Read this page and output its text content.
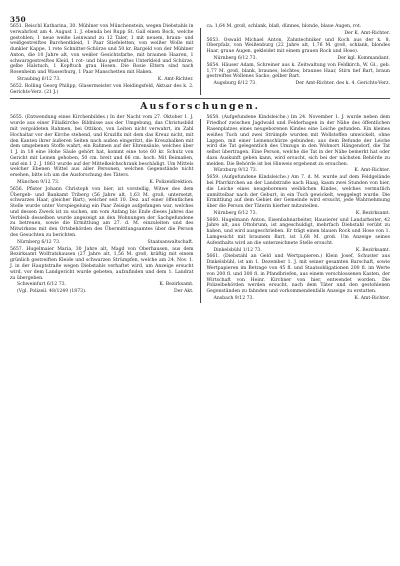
350

5651. Reischl Katharina, 30. Mühlner von Münchenstein, wegen Diebstahls in verwahrlost am 4. August 1. J. ebenda bei Rupp St. Gall einen Bock, welche gestohlen; 1 neue weiße Leinwand zu 12 Taler, 1 mit neuem, braun- und weißgestreiftes Barchentkleid, 1 Paar Stiefeletten, von weißer Wolle mit dunkler Kappe, 1 rote Schnitter-Schürze und 50 kr. Bargeld von der Mühlner Anton, die 10 Jahre alt, von weißer Gesichtsfarbe, mit braunen Haaren, 1 schwarzgestreiftes Kleid, 1 rot- und blau gestreiftes Unterkleid und Schürze, gelbe Halstuch, 1 Kopftuch grau Hosen. Die Rosie Eltern sind nach Rosenheim und Wasserburg, 1 Paar Manschetten mit Haken.

Straubing 6/12 73.	K. Amt-Richter.

5652. Rolling Georg Philipp, Glasermeister von Heidingsfeld, Aktuar des k. 2. Gerichts-Verz. (21 J.)

ca. 1,64 M. groß, schlank, blaß, dünnes, blonde, blaue Augen, rot.

Der K. Amt-Richter.

5653. Oswald Michael Anton, Zahntechniker und Koch aus der k. 8. Oberpfalz, von Weißenburg (22 Jahre alt, 1,76 M. groß, schlank, blondes Haar, graue Augen, gekleidet mit einem grauen Rock und Hose).

Nürnberg 6/12 73.	Der kgl. Kommandant.

5654. Häuser Adam, Schreiner aus k. Zeitwaltung von Feldkirch, W. Gl., geb. 1,77 M. groß, blank, braunes, leichtes, braunes Haar, Stirn tief Bart, braun gestreiftes Wollenes Sacko, gelber Bart.

Augsburg 6/12 73.	Der Amt-Richter. des k. 4. Gerichts-Verz.
Ausforschungen.

5655. (Entwendung eines Kirchenbildes.) In der Nacht vom 27. Oktober 1. J. wurde aus einer Filialkirche: Bildnisse aus der Umgebung, das Christusbild mit vergoldeten Rahmen, bei Ottikon, von Leiten nicht verwahrt, im Zahl Hochaltar vor der Kirche stehend, und Kruzifix mit dem das Kreuz nicht, mit den Kanten ihrer äußeren Seiten nach außen eingeritzt, die Kreuzbalken mit dem umgebenen Stoffe wahrt, ein Rahmen auf der Ehrensäule, welches über 1 J. in 18 eine Hohe Säule gehört hat, kommt eine tote 60 kr. Schutz von Gericht mit Leinen gehoben, 50 cm. breit und 66 cm. hoch. Mit Beimaßen, und ein 1 2. J. 1861 wurde auf der Mittelkelchschrank beschädigt. Um Mittels welcher Ebenen Wittel aus aller Personen, welchen Gegenstände nicht ersehen, bitte ich um die Ausforschung des Täters.

München 9/12 73.	K. Polizeidirektion.

5656. Pfister Johann Christoph von hier, ist vorstellig, Witwe des dem Übergeb- und Bankamt Triberg (56 Jahre alt, 1,63 M. groß, untersetzt, schwarzes Haar, gleicher Bart), welcher seit 10. Dez. auf einer öffentlichen Stelle wurde unter Vorspiegelung ein Paar Zeisige aufgefangen war, welches und dessen Zweck ist zu suchen, um vom Anfang bis Ende dieses Jahres das Verbleib desselben wurde angezeigt an den Wohnungen der Sachgefundene zu betreuen, sowie die Ermittlung am 27. d. M. einzuleiten und des Mitwirkens mit den Ortsbehörden des Übermittlungsamtes über die Person des Gesuchten zu berichten.

Nürnberg 6/12 73.	Staatsanwaltschaft.

5657. Hugelmaier Maria, 30 Jahre alt, Magd von Oberhausen, aus dem Bezirksamt Wolfratshausen (27 Jahre alt, 1,56 M. groß, kräftig mit einem grünlich gestreiften Kleide und schwarzen Strümpfen, welche am 24. Nov. 1. J. in der Hauptstraße wegen Diebstahls verhaftet wird, um Anzeige ersucht wird, vor dem Landgericht wurde gebeten, aufzufinden und dem 1. Landrat zu übergeben.

Schweinfurt 6/12 73.	K. Bezirksamt.
(Vgl. Polizeil. 48/1249 (1873).	Der Akt.

5658. (Aufgefundene Kindsleiche.) Im 24. November 1. J. wurde neben dem Friedhof zwischen Jagdwald und Felderhagen in der Nähe des öffentlichen Rasenplatzes eines neugeborenen Kindes eine Leiche gefunden. Ein kleines weißes Tuch und zwei Strümpfe wurden mit Wollstoffen umwickelt, ohne Lappen, mit einer Leinenschürze gebunden; aus dem Befunde der Leiche wird die Tat gelegentlich des Umzugs in den Wohnort Hängendorf, die Tat selbst übertragen. Eine Person, welche die Tat in der Nähe bemerkt hat oder dazu Auskunft geben kann, wird ersucht, sich bei der nächsten Behörde zu melden. Die Behörde ist bei Hinweis ergebenst zu ersuchen.

Würzburg 9/12 73.	K. Amt-Richter.

5659. (Aufgefundene Kindsleiche.) Am 7. d. M. wurde auf dem Feldgelände bei Pfarrkirchen an der Landstraße nach Haag, kaum zwei Stunden von hier, die Leiche eines neugeborenen weiblichen Kindes, welches vermutlich unmittelbar nach der Geburt, in ein Tuch gewickelt, weggelegt wurde. Die Ermittlung auf dem Gebiet der Gemeinde wird ersucht, jede Wahrnehmung über die Person der Täterin hierher mitzuteilen.

Nürnberg 6/12 73.	K. Bezirksamt.

5660. Hugelmann Anton, Eisenbahnarbeiter, Hausierer und Landarbeiter, 42 Jahre alt, aus Ottobrunn, ist angeschuldigt, mehrfach Diebstahl verübt zu haben, und wird ausgeschrieben. Er trägt einen blauen Rock und Hose von 1. Lamgesicht mit braunem Bart, ist 1,68 M. groß. Um Anzeige seines Aufenthalts wird an die unterzeichnete Stelle ersucht.

Dinkelsbühl 1/12 73.	K. Bezirksamt.

5661. (Diebstahl an Geld und Wertpapieren.) Klein Josef, Schuster aus Dinkelsbühl, ist am 1. Dezember 1. J. mit seiner gesamten Barschaft, sowie Wertpapieren im Betrage von 45 fl. und Staatsobligationen 200 fl. im Werte von 200 fl. und 300 fl. in Pfandbriefen, aus einem verschlossenen Kasten, der Wirtschaft von Heinr. Kirchner von hier, entwendet worden. Die Polizeibehörden werden ersucht, nach dem Täter und den gestohlenen Gegenständen zu fahnden und vorkommendenfalls Anzeige zu erstatten.

Ansbach 9/12 73.	K. Amt-Richter.
